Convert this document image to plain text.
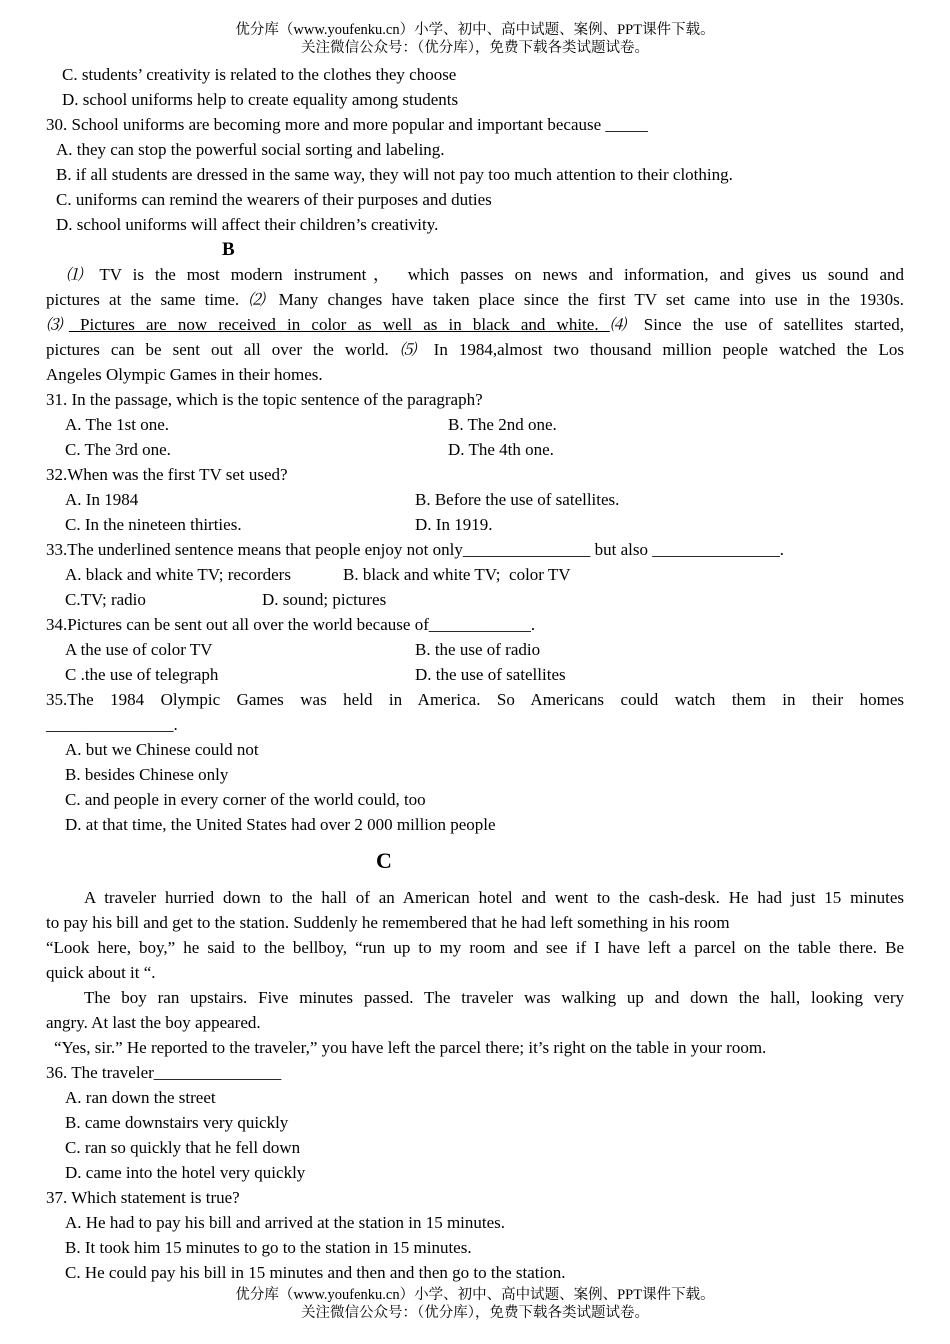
优分库（www.youfenku.cn）小学、初中、高中试题、案例、PPT课件下载。
关注微信公众号：（优分库），免费下载各类试题试卷。
C. students’ creativity is related to the clothes they choose
D. school uniforms help to create equality among students
30. School uniforms are becoming more and more popular and important because _____
A. they can stop the powerful social sorting and labeling.
B. if all students are dressed in the same way, they will not pay too much attention to their clothing.
C. uniforms can remind the wearers of their purposes and duties
D. school uniforms will affect their children’s creativity.
B
⑴ TV is the most modern instrument， which passes on news and information, and gives us sound and
pictures at the same time. ⑵ Many changes have taken place since the first TV set came into use in the 1930s.
⑶ Pictures are now received in color as well as in black and white. ⑷ Since the use of satellites started,
pictures can be sent out all over the world. ⑸ In 1984,almost two thousand million people watched the Los
Angeles Olympic Games in their homes.
31. In the passage, which is the topic sentence of the paragraph?
A. The 1st one.	B. The 2nd one.
C. The 3rd one.	D. The 4th one.
32.When was the first TV set used?
A. In 1984	B. Before the use of satellites.
C. In the nineteen thirties.	D. In 1919.
33.The underlined sentence means that people enjoy not only_______________ but also _______________.
A. black and white TV; recorders	B. black and white TV;  color TV
C.TV; radio	D. sound; pictures
34.Pictures can be sent out all over the world because of____________.
A the use of color TV	B. the use of radio
C .the use of telegraph	D. the use of satellites
35.The 1984 Olympic Games was held in America. So Americans could watch them in their homes
_______________.
A. but we Chinese could not
B. besides Chinese only
C. and people in every corner of the world could, too
D. at that time, the United States had over 2 000 million people
C
A traveler hurried down to the hall of an American hotel and went to the cash-desk. He had just 15 minutes
to pay his bill and get to the station. Suddenly he remembered that he had left something in his room
“Look here, boy,” he said to the bellboy, “run up to my room and see if I have left a parcel on the table there. Be
quick about it “.
The boy ran upstairs. Five minutes passed. The traveler was walking up and down the hall, looking very
angry. At last the boy appeared.
“Yes, sir.” He reported to the traveler,” you have left the parcel there; it’s right on the table in your room.
36. The traveler_______________
A. ran down the street
B. came downstairs very quickly
C. ran so quickly that he fell down
D. came into the hotel very quickly
37. Which statement is true?
A. He had to pay his bill and arrived at the station in 15 minutes.
B. It took him 15 minutes to go to the station in 15 minutes.
C. He could pay his bill in 15 minutes and then and then go to the station.
优分库（www.youfenku.cn）小学、初中、高中试题、案例、PPT课件下载。
关注微信公众号：（优分库），免费下载各类试题试卷。
